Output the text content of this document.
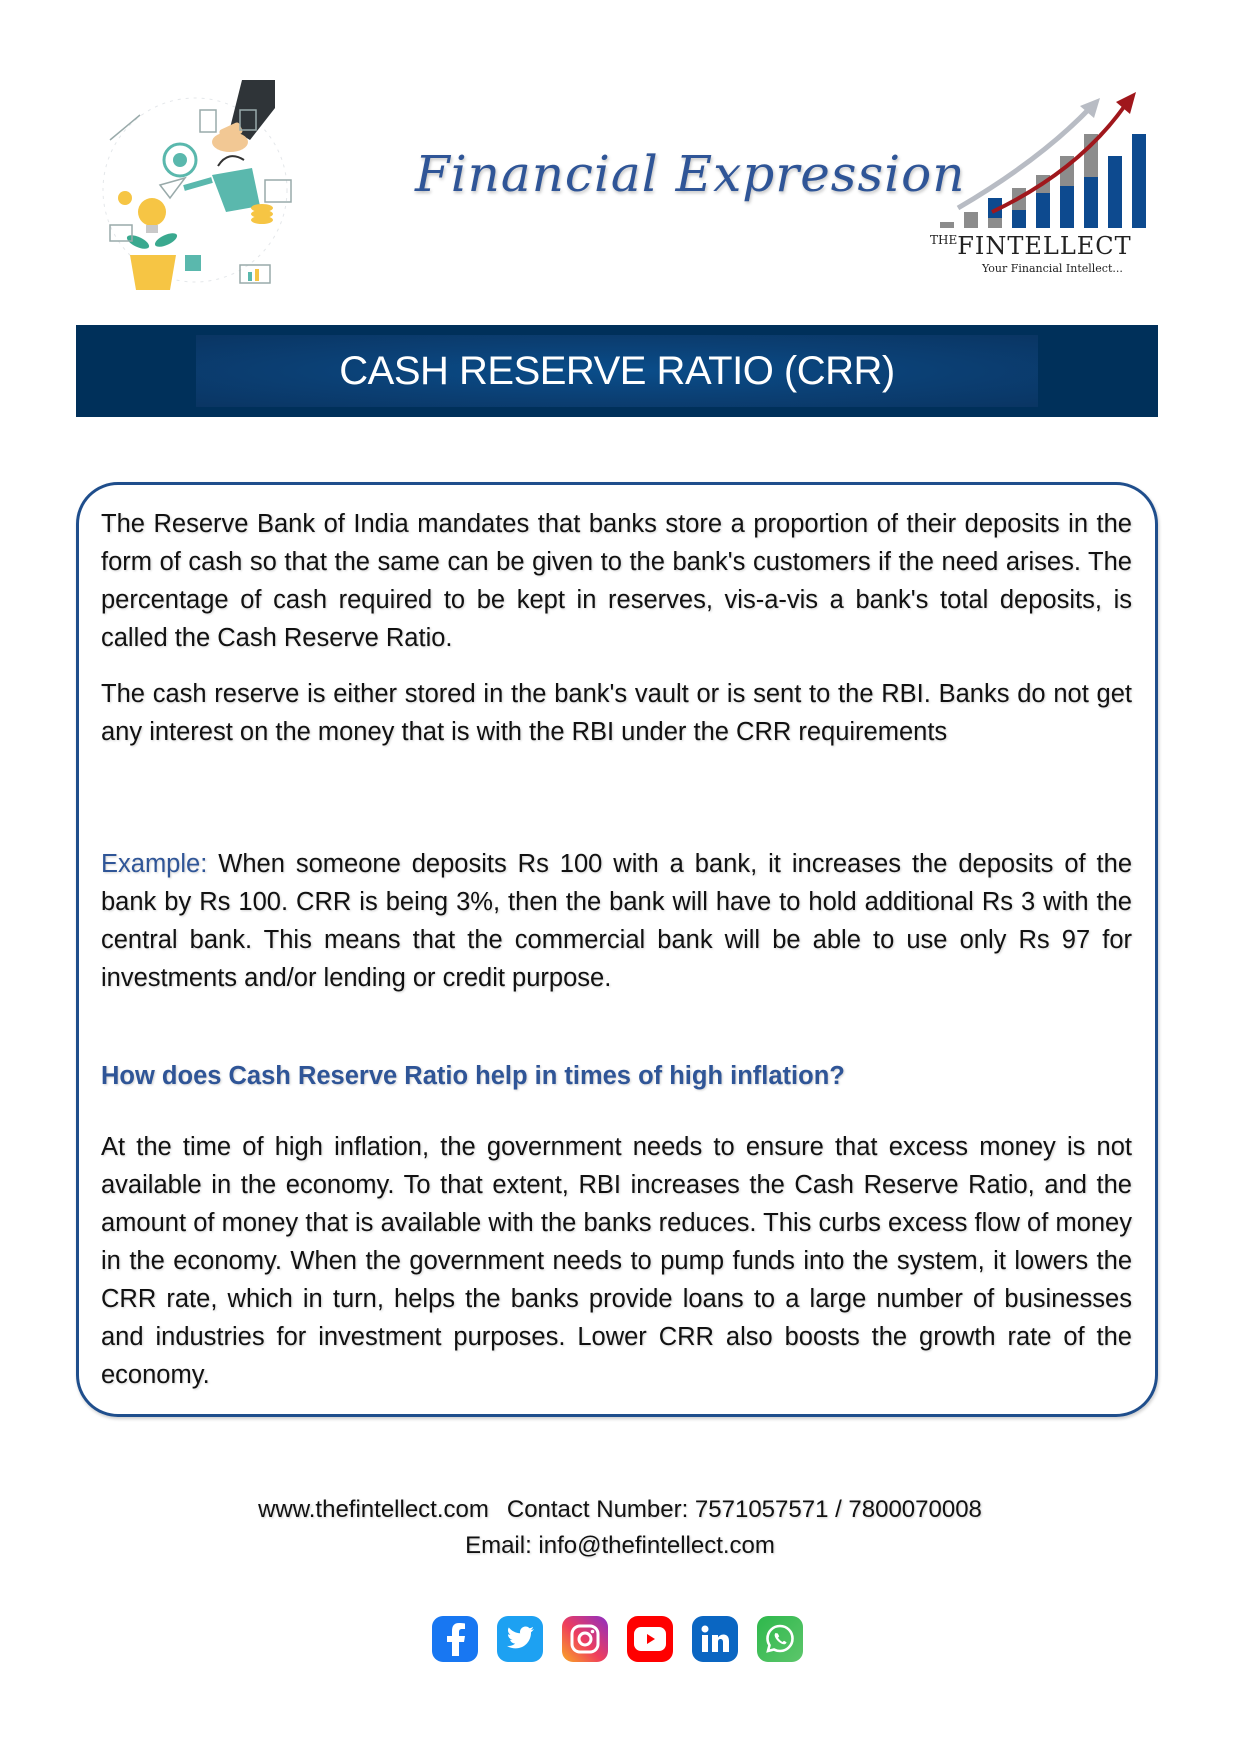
Financial Expression
$^{THE}$FINTELLECT
Your Financial Intellect...
CASH RESERVE RATIO (CRR)

The Reserve Bank of India mandates that banks store a proportion of their deposits in the form of cash so that the same can be given to the bank's customers if the need arises. The percentage of cash required to be kept in reserves, vis-a-vis a bank's total deposits, is called the Cash Reserve Ratio.

The cash reserve is either stored in the bank's vault or is sent to the RBI. Banks do not get any interest on the money that is with the RBI under the CRR requirements

Example: When someone deposits Rs 100 with a bank, it increases the deposits of the bank by Rs 100. CRR is being 3%, then the bank will have to hold additional Rs 3 with the central bank. This means that the commercial bank will be able to use only Rs 97 for investments and/or lending or credit purpose.

How does Cash Reserve Ratio help in times of high inflation?

At the time of high inflation, the government needs to ensure that excess money is not available in the economy. To that extent, RBI increases the Cash Reserve Ratio, and the amount of money that is available with the banks reduces. This curbs excess flow of money in the economy. When the government needs to pump funds into the system, it lowers the CRR rate, which in turn, helps the banks provide loans to a large number of businesses and industries for investment purposes. Lower CRR also boosts the growth rate of the economy.

www.thefintellect.com Contact Number: 7571057571 / 7800070008
Email: info@thefintellect.com
